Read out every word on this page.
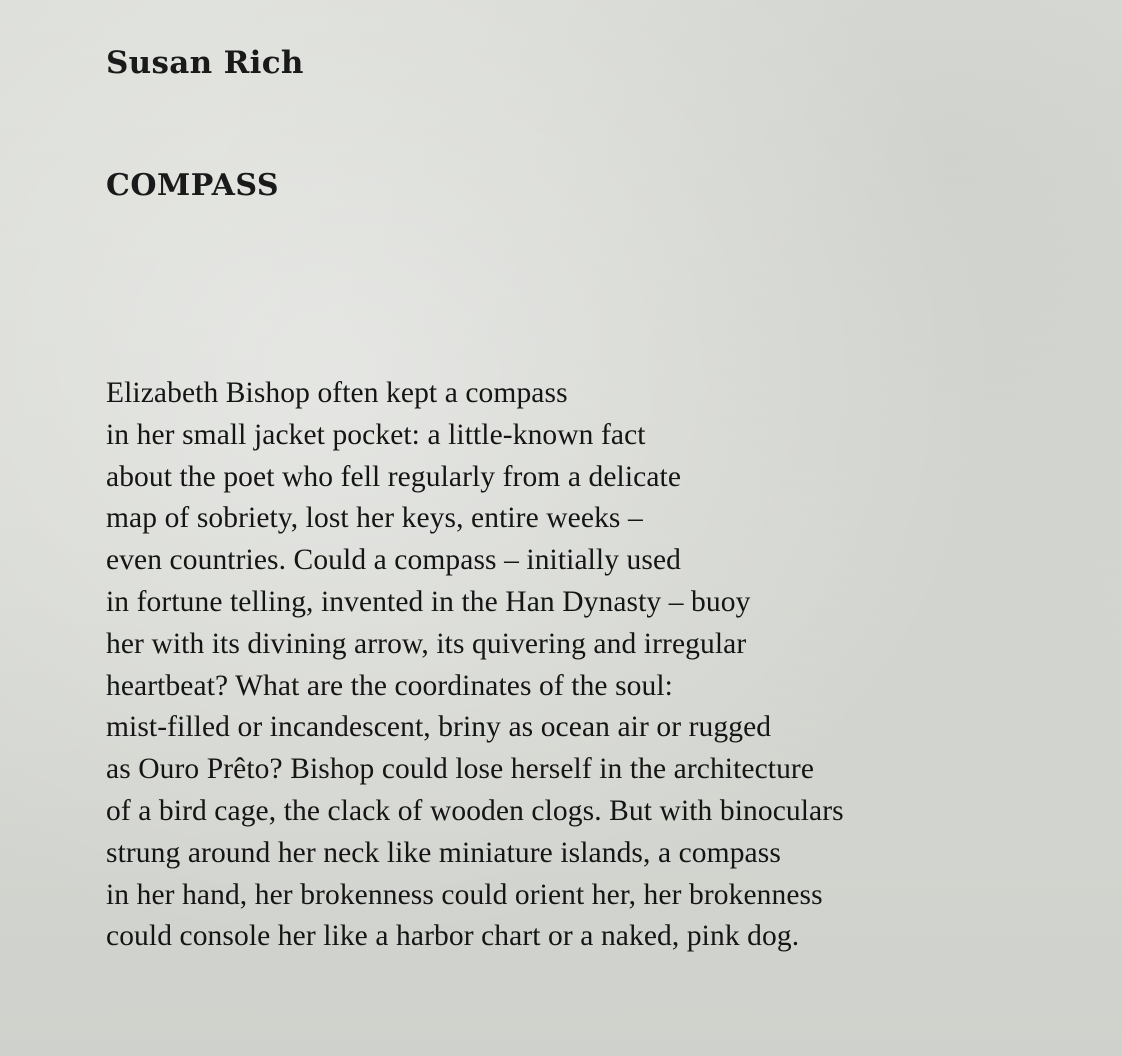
Susan Rich
COMPASS
Elizabeth Bishop often kept a compass
in her small jacket pocket: a little-known fact
about the poet who fell regularly from a delicate
map of sobriety, lost her keys, entire weeks –
even countries. Could a compass – initially used
in fortune telling, invented in the Han Dynasty – buoy
her with its divining arrow, its quivering and irregular
heartbeat? What are the coordinates of the soul:
mist-filled or incandescent, briny as ocean air or rugged
as Ouro Prêto? Bishop could lose herself in the architecture
of a bird cage, the clack of wooden clogs. But with binoculars
strung around her neck like miniature islands, a compass
in her hand, her brokenness could orient her, her brokenness
could console her like a harbor chart or a naked, pink dog.
